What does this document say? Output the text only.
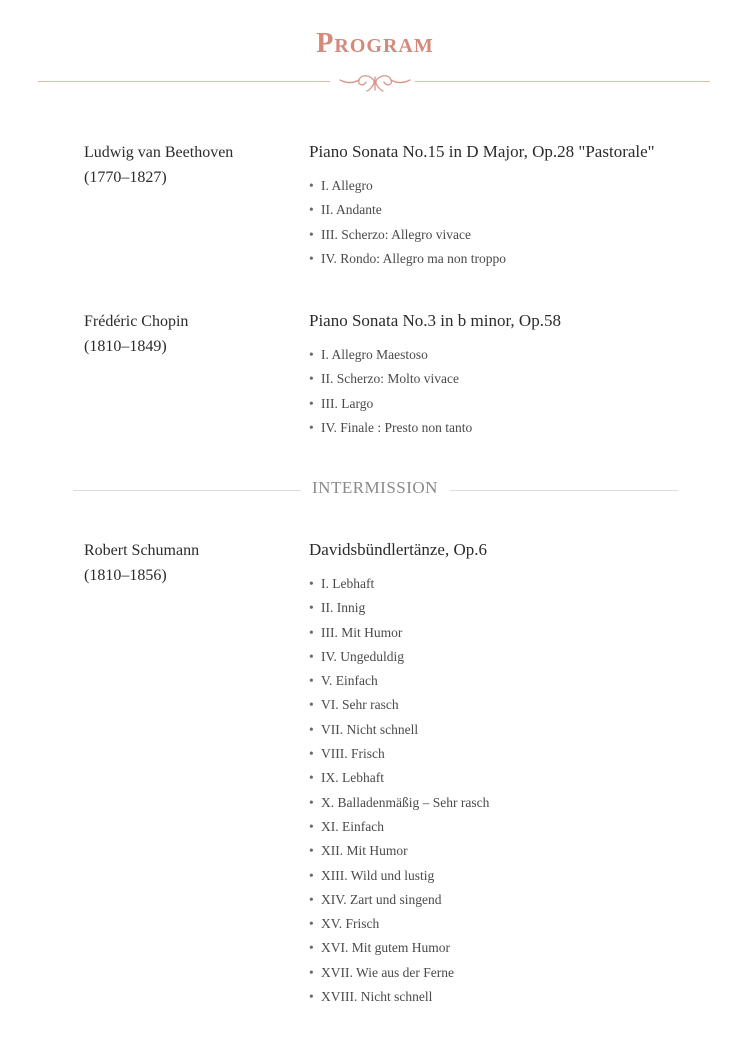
Program
Ludwig van Beethoven
(1770–1827)
Piano Sonata No.15 in D Major, Op.28 "Pastorale"
• I. Allegro
• II. Andante
• III. Scherzo: Allegro vivace
• IV. Rondo: Allegro ma non troppo
Frédéric Chopin
(1810–1849)
Piano Sonata No.3 in b minor, Op.58
• I. Allegro Maestoso
• II. Scherzo: Molto vivace
• III. Largo
• IV. Finale : Presto non tanto
INTERMISSION
Robert Schumann
(1810–1856)
Davidsbündlertänze, Op.6
• I. Lebhaft
• II. Innig
• III. Mit Humor
• IV. Ungeduldig
• V. Einfach
• VI. Sehr rasch
• VII. Nicht schnell
• VIII. Frisch
• IX. Lebhaft
• X. Balladenmäßig – Sehr rasch
• XI. Einfach
• XII. Mit Humor
• XIII. Wild und lustig
• XIV. Zart und singend
• XV. Frisch
• XVI. Mit gutem Humor
• XVII. Wie aus der Ferne
• XVIII. Nicht schnell
